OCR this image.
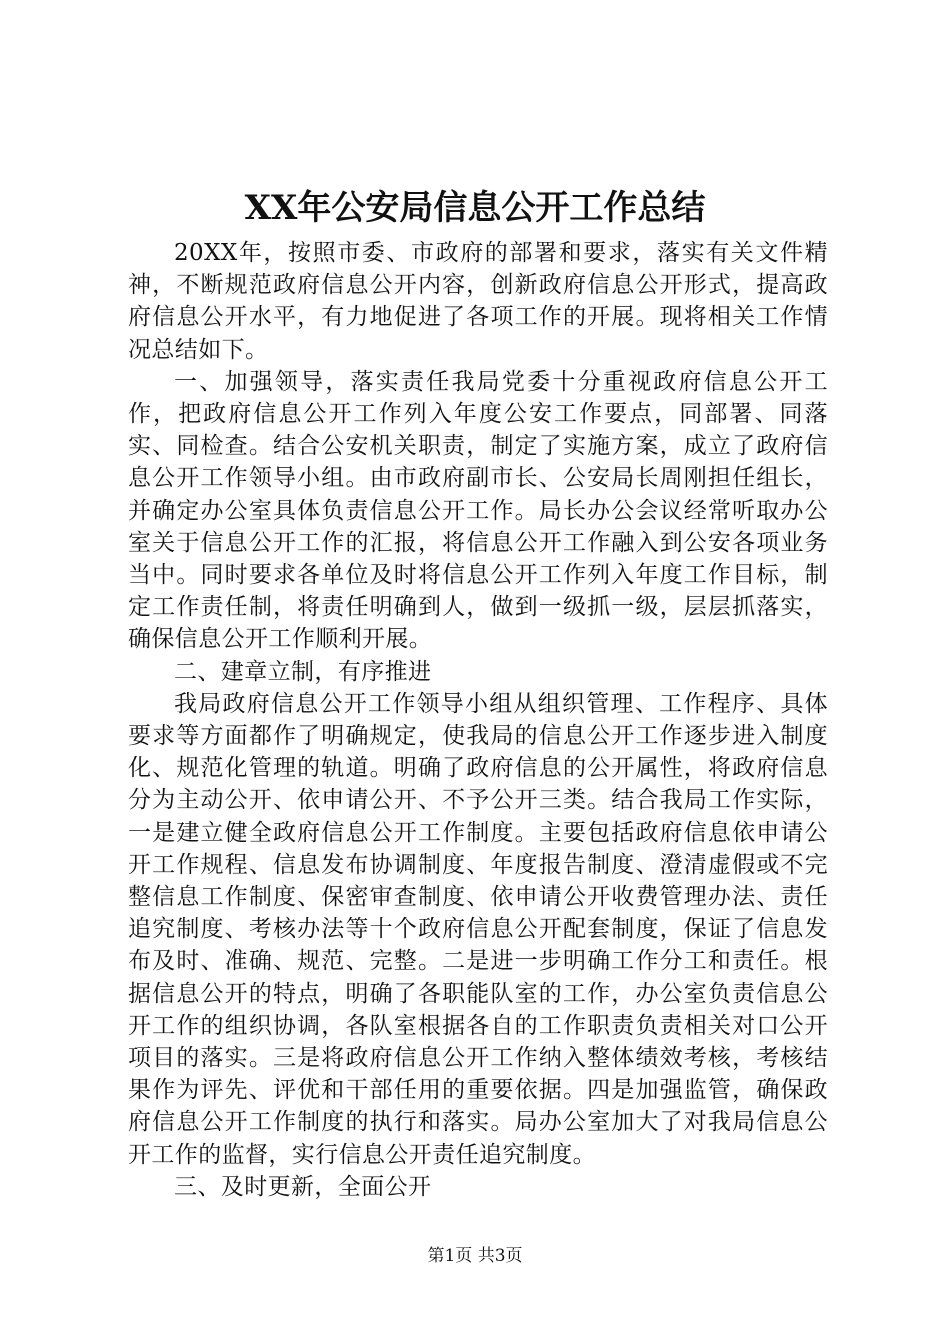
XX年公安局信息公开工作总结

20XX年，按照市委、市政府的部署和要求，落实有关文件精神，不断规范政府信息公开内容，创新政府信息公开形式，提高政府信息公开水平，有力地促进了各项工作的开展。现将相关工作情况总结如下。

一、加强领导，落实责任我局党委十分重视政府信息公开工作，把政府信息公开工作列入年度公安工作要点，同部署、同落实、同检查。结合公安机关职责，制定了实施方案，成立了政府信息公开工作领导小组。由市政府副市长、公安局长周刚担任组长，并确定办公室具体负责信息公开工作。局长办公会议经常听取办公室关于信息公开工作的汇报，将信息公开工作融入到公安各项业务当中。同时要求各单位及时将信息公开工作列入年度工作目标，制定工作责任制，将责任明确到人，做到一级抓一级，层层抓落实，确保信息公开工作顺利开展。

二、建章立制，有序推进

我局政府信息公开工作领导小组从组织管理、工作程序、具体要求等方面都作了明确规定，使我局的信息公开工作逐步进入制度化、规范化管理的轨道。明确了政府信息的公开属性，将政府信息分为主动公开、依申请公开、不予公开三类。结合我局工作实际，一是建立健全政府信息公开工作制度。主要包括政府信息依申请公开工作规程、信息发布协调制度、年度报告制度、澄清虚假或不完整信息工作制度、保密审查制度、依申请公开收费管理办法、责任追究制度、考核办法等十个政府信息公开配套制度，保证了信息发布及时、准确、规范、完整。二是进一步明确工作分工和责任。根据信息公开的特点，明确了各职能队室的工作，办公室负责信息公开工作的组织协调，各队室根据各自的工作职责负责相关对口公开项目的落实。三是将政府信息公开工作纳入整体绩效考核，考核结果作为评先、评优和干部任用的重要依据。四是加强监管，确保政府信息公开工作制度的执行和落实。局办公室加大了对我局信息公开工作的监督，实行信息公开责任追究制度。

三、及时更新，全面公开

第1页 共3页
